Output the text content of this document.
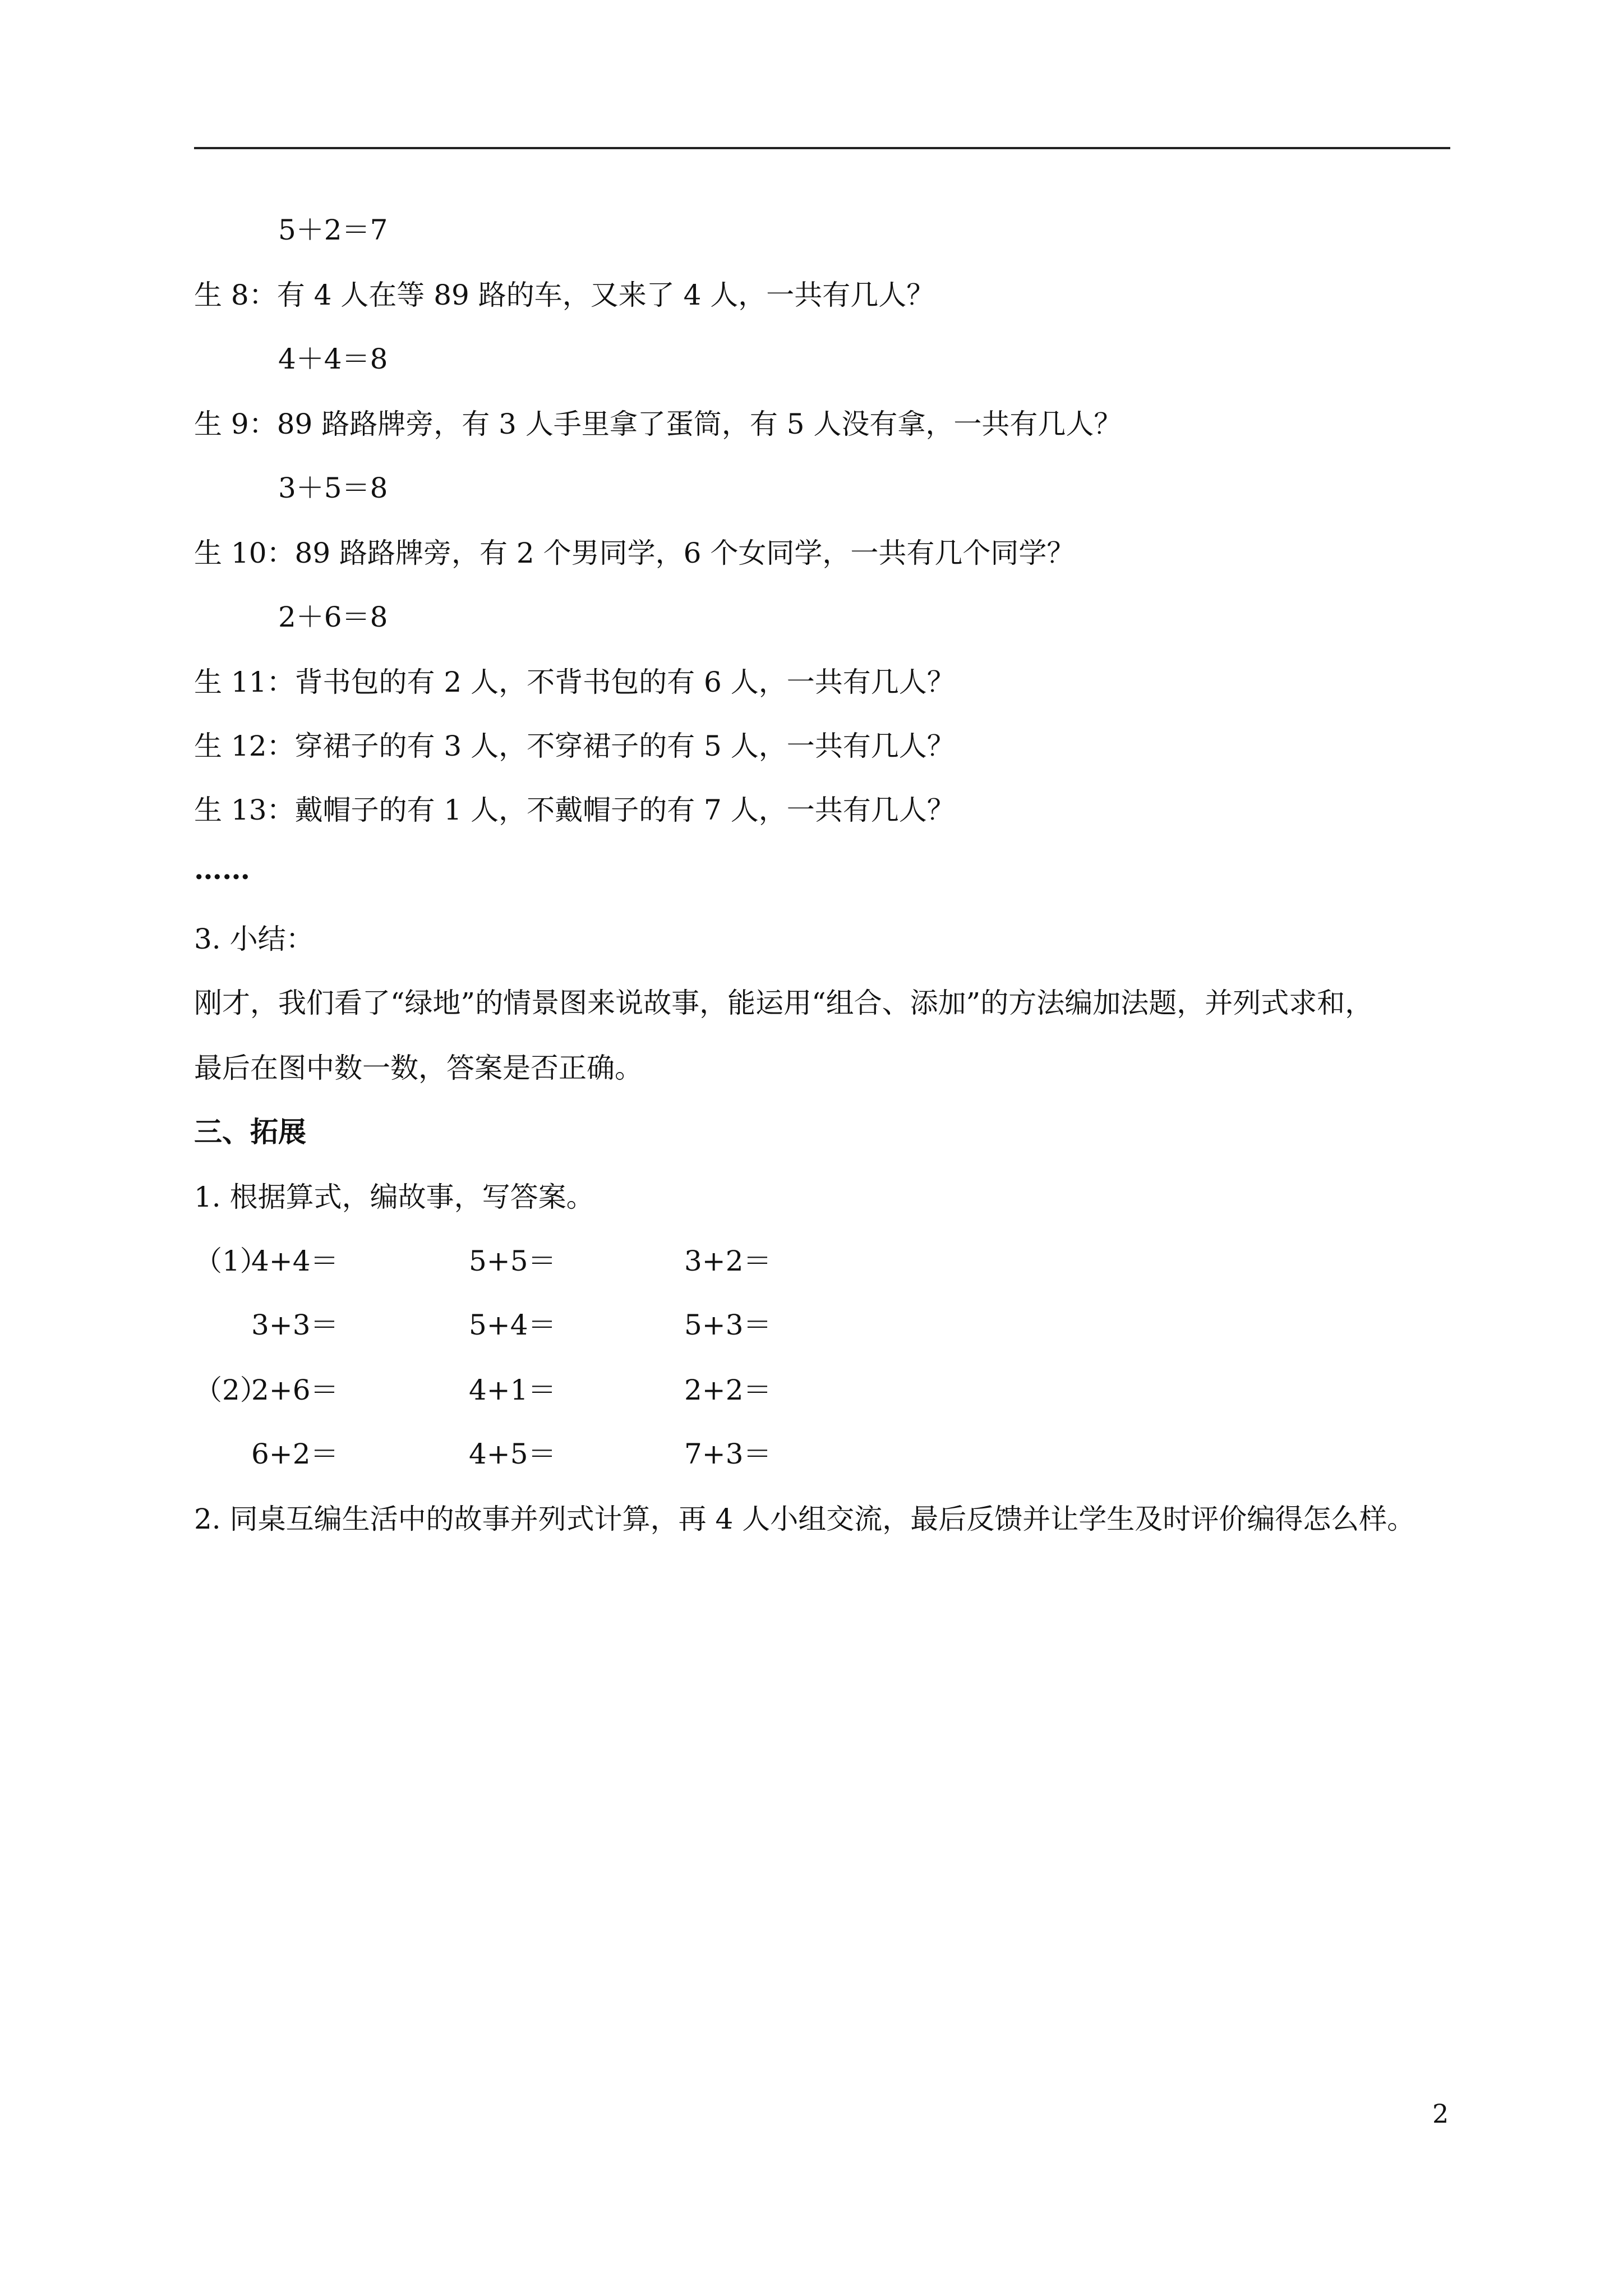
5＋2＝7
生 8：有 4 人在等 89 路的车，又来了 4 人，一共有几人？
4＋4＝8
生 9：89 路路牌旁，有 3 人手里拿了蛋筒，有 5 人没有拿，一共有几人？
3＋5＝8
生 10：89 路路牌旁，有 2 个男同学，6 个女同学，一共有几个同学？
2＋6＝8
生 11：背书包的有 2 人，不背书包的有 6 人，一共有几人？
生 12：穿裙子的有 3 人，不穿裙子的有 5 人，一共有几人？
生 13：戴帽子的有 1 人，不戴帽子的有 7 人，一共有几人？
……
3. 小结：
刚才，我们看了“绿地”的情景图来说故事，能运用“组合、添加”的方法编加法题，并列式求和，
最后在图中数一数，答案是否正确。
三、拓展
1. 根据算式，编故事，写答案。
（1）
4+4＝	5+5＝	3+2＝
3+3＝	5+4＝	5+3＝
（2）
2+6＝	4+1＝	2+2＝
6+2＝	4+5＝	7+3＝
2. 同桌互编生活中的故事并列式计算，再 4 人小组交流，最后反馈并让学生及时评价编得怎么样。
2
